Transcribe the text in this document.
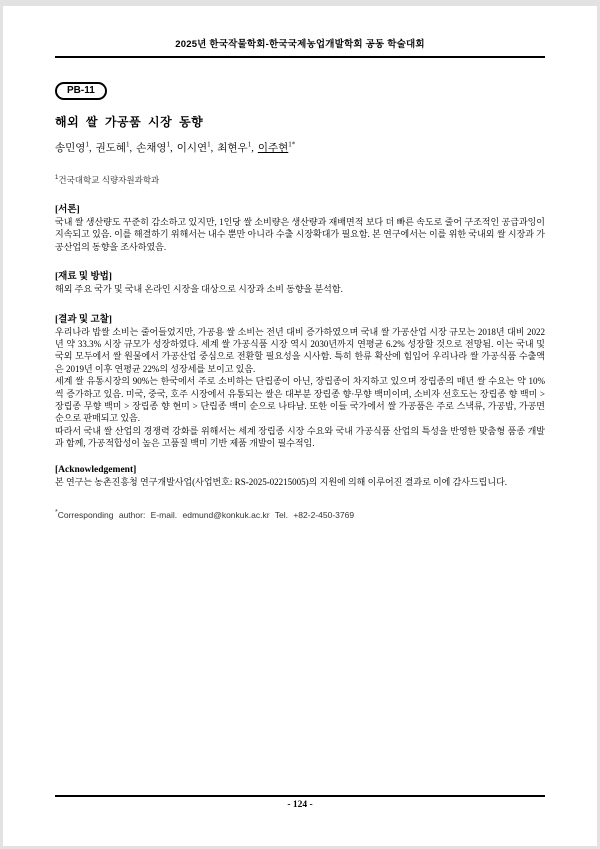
2025년 한국작물학회-한국국제농업개발학회 공동 학술대회
PB-11
해외 쌀 가공품 시장 동향

송민영$^1$, 권도혜$^1$, 손채영$^1$, 이시연$^1$, 최현우$^1$, 이주현$^{1*}$

$^1$건국대학교 식량자원과학과

[서론]

국내 쌀 생산량도 꾸준히 감소하고 있지만, 1인당 쌀 소비량은 생산량과 재배면적 보다 더 빠른 속도로 줄어 구조적인 공급과잉이 지속되고 있음. 이를 해결하기 위해서는 내수 뿐만 아니라 수출 시장확대가 필요함. 본 연구에서는 이를 위한 국내외 쌀 시장과 가공산업의 동향을 조사하였음.

[재료 및 방법]

해외 주요 국가 및 국내 온라인 시장을 대상으로 시장과 소비 동향을 분석함.

[결과 및 고찰]

우리나라 밥쌀 소비는 줄어들었지만, 가공용 쌀 소비는 전년 대비 증가하였으며 국내 쌀 가공산업 시장 규모는 2018년 대비 2022년 약 33.3% 시장 규모가 성장하였다. 세계 쌀 가공식품 시장 역시 2030년까지 연평균 6.2% 성장할 것으로 전망됨. 이는 국내 및 국외 모두에서 쌀 원물에서 가공산업 중심으로 전환할 필요성을 시사함. 특히 한류 확산에 힘입어 우리나라 쌀 가공식품 수출액은 2019년 이후 연평균 22%의 성장세를 보이고 있음.

세계 쌀 유통시장의 90%는 한국에서 주로 소비하는 단립종이 아닌, 장립종이 차지하고 있으며 장립종의 매년 쌀 수요는 약 10%씩 증가하고 있음. 미국, 중국, 호주 시장에서 유통되는 쌀은 대부분 장립종 향·무향 백미이며, 소비자 선호도는 장립종 향 백미 > 장립종 무향 백미 > 장립종 향 현미 > 단립종 백미 순으로 나타남. 또한 이들 국가에서 쌀 가공품은 주로 스낵류, 가공밥, 가공면 순으로 판매되고 있음.

따라서 국내 쌀 산업의 경쟁력 강화를 위해서는 세계 장립종 시장 수요와 국내 가공식품 산업의 특성을 반영한 맞춤형 품종 개발과 함께, 가공적합성이 높은 고품질 백미 기반 제품 개발이 필수적임.

[Acknowledgement]

본 연구는 농촌진흥청 연구개발사업(사업번호: RS-2025-02215005)의 지원에 의해 이루어진 결과로 이에 감사드립니다.

*Corresponding author: E-mail. edmund@konkuk.ac.kr Tel. +82-2-450-3769

- 124 -
